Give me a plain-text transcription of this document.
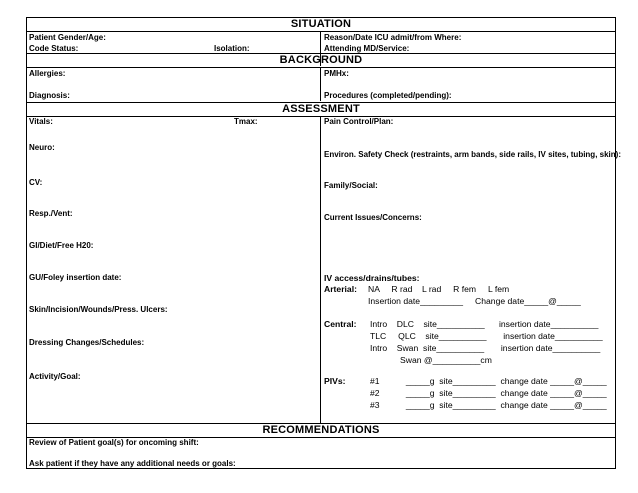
SITUATION
Patient Gender/Age:
Code Status:	Isolation:
Reason/Date ICU admit/from Where:
Attending MD/Service:
BACKGROUND
Allergies:
Diagnosis:
PMHx:
Procedures (completed/pending):
ASSESSMENT
Vitals:	Tmax:
Neuro:
CV:
Resp./Vent:
GI/Diet/Free H20:
GU/Foley insertion date:
Skin/Incision/Wounds/Press. Ulcers:
Dressing Changes/Schedules:
Activity/Goal:
Pain Control/Plan:
Environ. Safety Check (restraints, arm bands, side rails, IV sites, tubing, skin):
Family/Social:
Current Issues/Concerns:
IV access/drains/tubes:
Arterial: NA     R rad    L rad     R fem     L fem
Insertion date_________     Change date_____@_____
Central: Intro    DLC    site__________      insertion date__________
TLC     QLC    site__________       insertion date__________
Intro    Swan  site__________       insertion date__________
Swan @__________cm
PIVs:	#1           _____g  site_________  change date _____@_____
#2           _____g  site_________  change date _____@_____
#3           _____g  site_________  change date _____@_____
RECOMMENDATIONS
Review of Patient goal(s) for oncoming shift:
Ask patient if they have any additional needs or goals:
